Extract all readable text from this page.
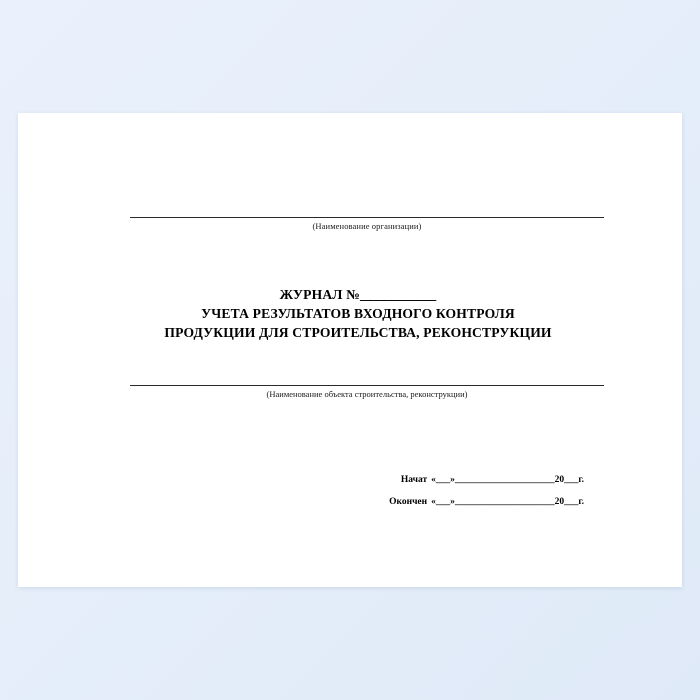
(Наименование организации)
ЖУРНАЛ №___________
УЧЕТА РЕЗУЛЬТАТОВ ВХОДНОГО КОНТРОЛЯ
ПРОДУКЦИИ ДЛЯ СТРОИТЕЛЬСТВА, РЕКОНСТРУКЦИИ
(Наименование объекта строительства, реконструкции)
Начат «___»_____________________20___г.
Окончен «___»_____________________20___г.
